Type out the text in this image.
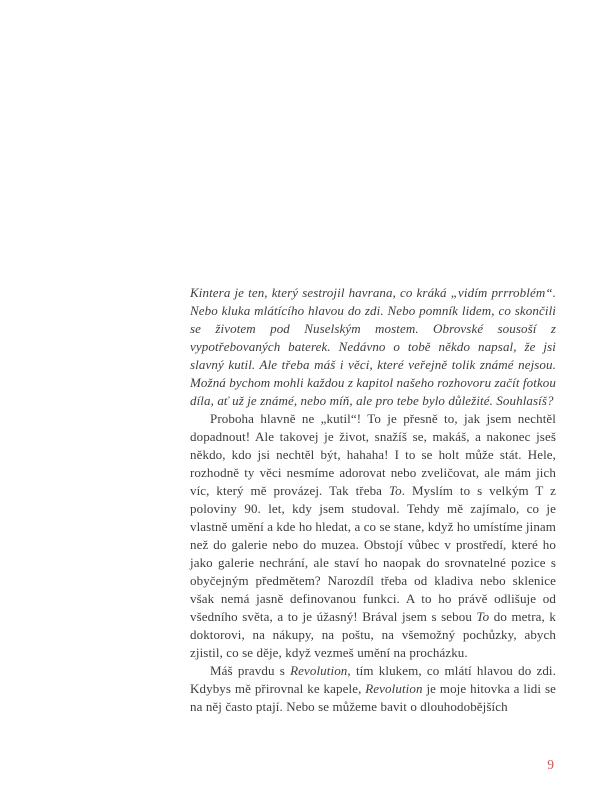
Kintera je ten, který sestrojil havrana, co kráká „vidím prrroblém“. Nebo kluka mlátícího hlavou do zdi. Nebo pomník lidem, co skončili se životem pod Nuselským mostem. Obrovské sousoší z vypotřebovaných baterek. Nedávno o tobě někdo napsal, že jsi slavný kutil. Ale třeba máš i věci, které veřejně tolik známé nejsou. Možná bychom mohli každou z kapitol našeho rozhovoru začít fotkou díla, ať už je známé, nebo míň, ale pro tebe bylo důležité. Souhlasíš?

Proboha hlavně ne „kutil“! To je přesně to, jak jsem nechtěl dopadnout! Ale takovej je život, snažíš se, makáš, a nakonec jseš někdo, kdo jsi nechtěl být, hahaha! I to se holt může stát. Hele, rozhodně ty věci nesmíme adorovat nebo zveličovat, ale mám jich víc, který mě provázej. Tak třeba To. Myslím to s velkým T z poloviny 90. let, kdy jsem studoval. Tehdy mě zajímalo, co je vlastně umění a kde ho hledat, a co se stane, když ho umístíme jinam než do galerie nebo do muzea. Obstojí vůbec v prostředí, které ho jako galerie nechrání, ale staví ho naopak do srovnatelné pozice s obyčejným předmětem? Narozdíl třeba od kladiva nebo sklenice však nemá jasně definovanou funkci. A to ho právě odlišuje od všedního světa, a to je úžasný! Brával jsem s sebou To do metra, k doktorovi, na nákupy, na poštu, na všemožný pochůzky, abych zjistil, co se děje, když vezmeš umění na procházku.

Máš pravdu s Revolution, tím klukem, co mlátí hlavou do zdi. Kdybys mě přirovnal ke kapele, Revolution je moje hitovka a lidi se na něj často ptají. Nebo se můžeme bavit o dlouhodobějších

9
